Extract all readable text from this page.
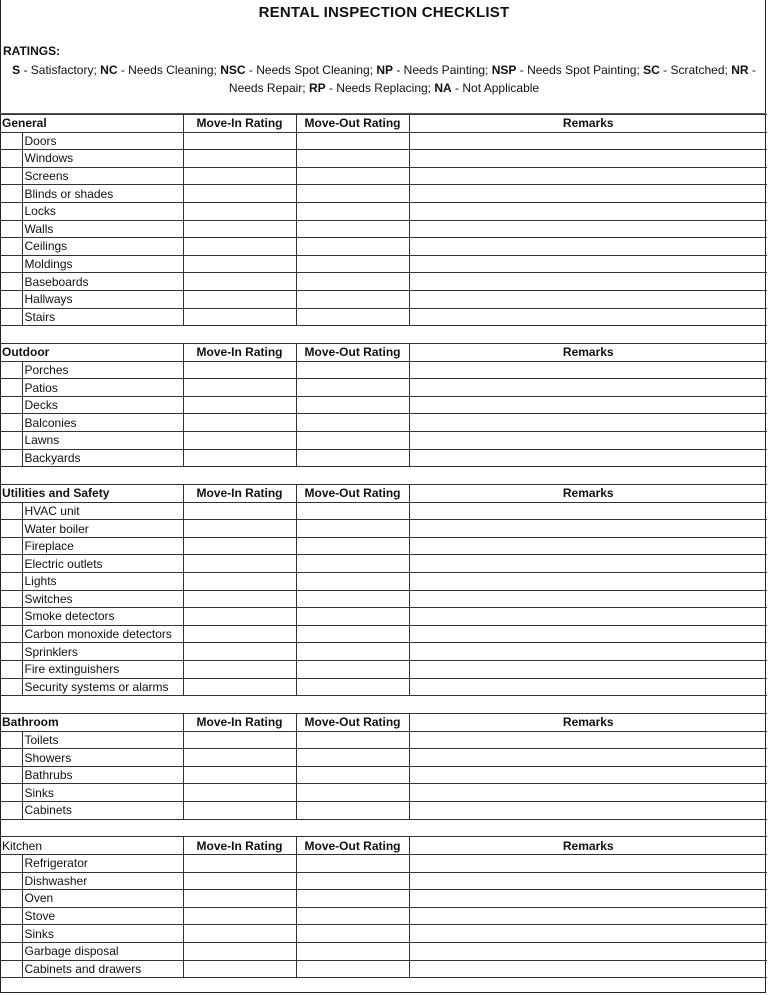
RENTAL INSPECTION CHECKLIST
RATINGS:
S - Satisfactory; NC - Needs Cleaning; NSC - Needs Spot Cleaning; NP - Needs Painting; NSP - Needs Spot Painting; SC - Scratched; NR - Needs Repair; RP - Needs Replacing; NA - Not Applicable
General		Move-In Rating	Move-Out Rating	Remarks
	Doors			
	Windows			
	Screens			
	Blinds or shades			
	Locks			
	Walls			
	Ceilings			
	Moldings			
	Baseboards			
	Hallways			
	Stairs			
Outdoor		Move-In Rating	Move-Out Rating	Remarks
	Porches			
	Patios			
	Decks			
	Balconies			
	Lawns			
	Backyards			
Utilities and Safety		Move-In Rating	Move-Out Rating	Remarks
	HVAC unit			
	Water boiler			
	Fireplace			
	Electric outlets			
	Lights			
	Switches			
	Smoke detectors			
	Carbon monoxide detectors			
	Sprinklers			
	Fire extinguishers			
	Security systems or alarms			
Bathroom		Move-In Rating	Move-Out Rating	Remarks
	Toilets			
	Showers			
	Bathrubs			
	Sinks			
	Cabinets			
Kitchen		Move-In Rating	Move-Out Rating	Remarks
	Refrigerator			
	Dishwasher			
	Oven			
	Stove			
	Sinks			
	Garbage disposal			
	Cabinets and drawers			
